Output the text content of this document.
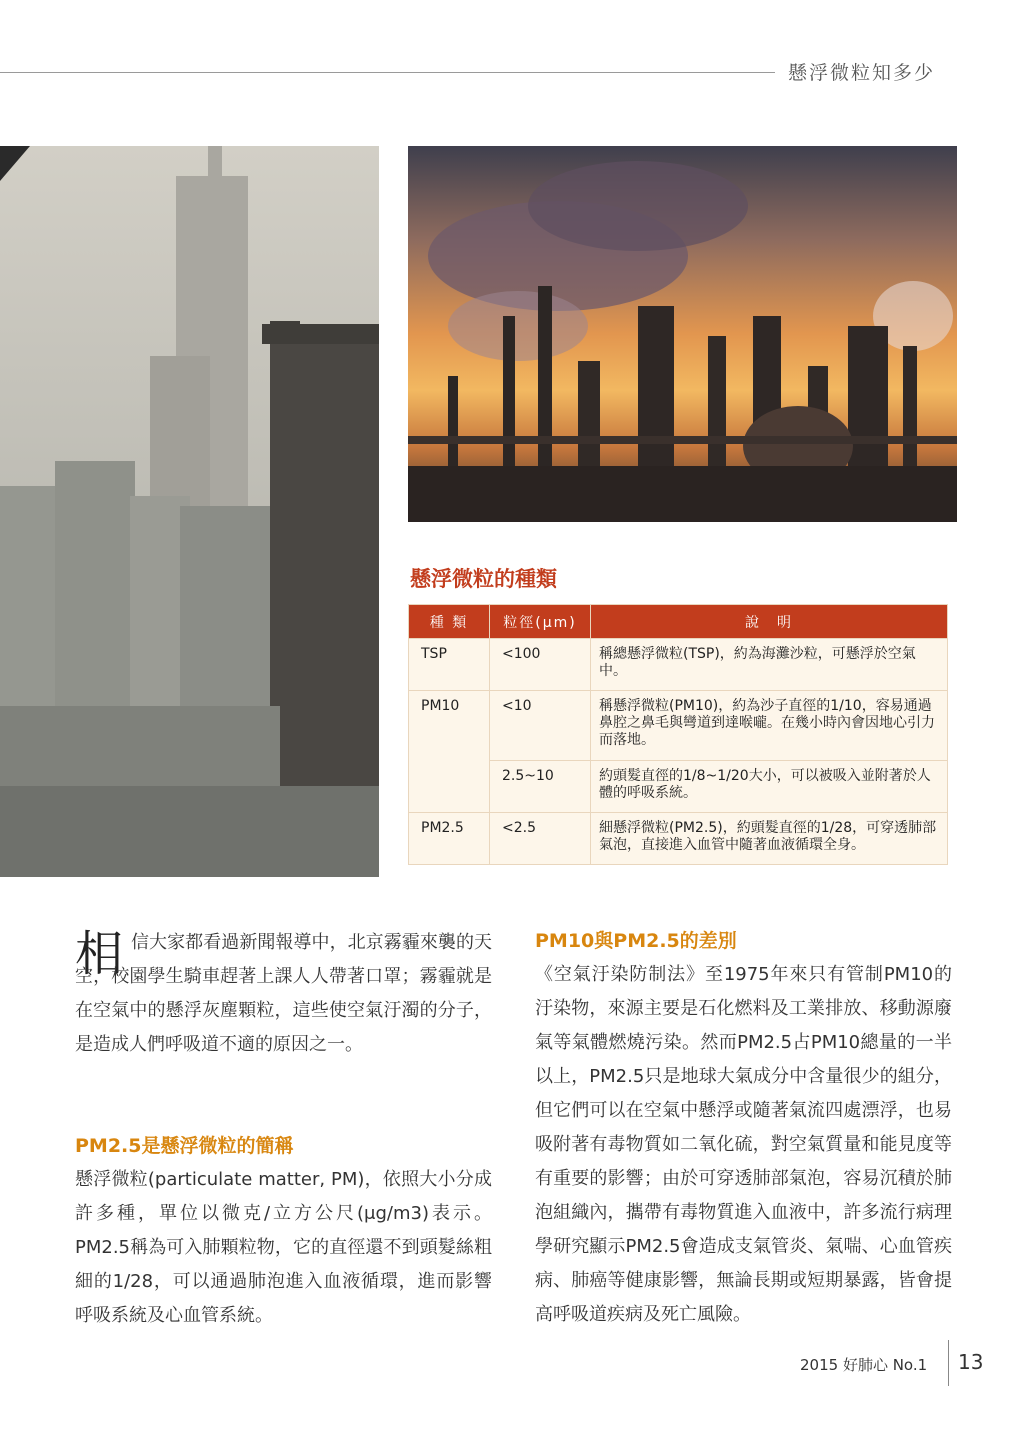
懸浮微粒知多少
懸浮微粒的種類
種 類	粒徑(μm)	說　明
TSP	<100	稱總懸浮微粒(TSP)，約為海灘沙粒，可懸浮於空氣中。
PM10	<10	稱懸浮微粒(PM10)，約為沙子直徑的1/10，容易通過鼻腔之鼻毛與彎道到達喉嚨。在幾小時內會因地心引力而落地。
	2.5~10	約頭髮直徑的1/8~1/20大小，可以被吸入並附著於人體的呼吸系統。
PM2.5	<2.5	細懸浮微粒(PM2.5)，約頭髮直徑的1/28，可穿透肺部氣泡，直接進入血管中隨著血液循環全身。
相 信大家都看過新聞報導中，北京霧霾來襲的天空，校園學生騎車趕著上課人人帶著口罩；霧霾就是在空氣中的懸浮灰塵顆粒，這些使空氣汙濁的分子，是造成人們呼吸道不適的原因之一。

PM2.5是懸浮微粒的簡稱

懸浮微粒(particulate matter, PM)，依照大小分成許多種，單位以微克/立方公尺(μg/m3)表示。PM2.5稱為可入肺顆粒物，它的直徑還不到頭髮絲粗細的1/28，可以通過肺泡進入血液循環，進而影響呼吸系統及心血管系統。

PM10與PM2.5的差別

《空氣汙染防制法》至1975年來只有管制PM10的汙染物，來源主要是石化燃料及工業排放、移動源廢氣等氣體燃燒污染。然而PM2.5占PM10總量的一半以上，PM2.5只是地球大氣成分中含量很少的組分，但它們可以在空氣中懸浮或隨著氣流四處漂浮，也易吸附著有毒物質如二氧化硫，對空氣質量和能見度等有重要的影響；由於可穿透肺部氣泡，容易沉積於肺泡組織內，攜帶有毒物質進入血液中，許多流行病理學研究顯示PM2.5會造成支氣管炎、氣喘、心血管疾病、肺癌等健康影響，無論長期或短期暴露，皆會提高呼吸道疾病及死亡風險。

2015 好肺心 No.1 13
